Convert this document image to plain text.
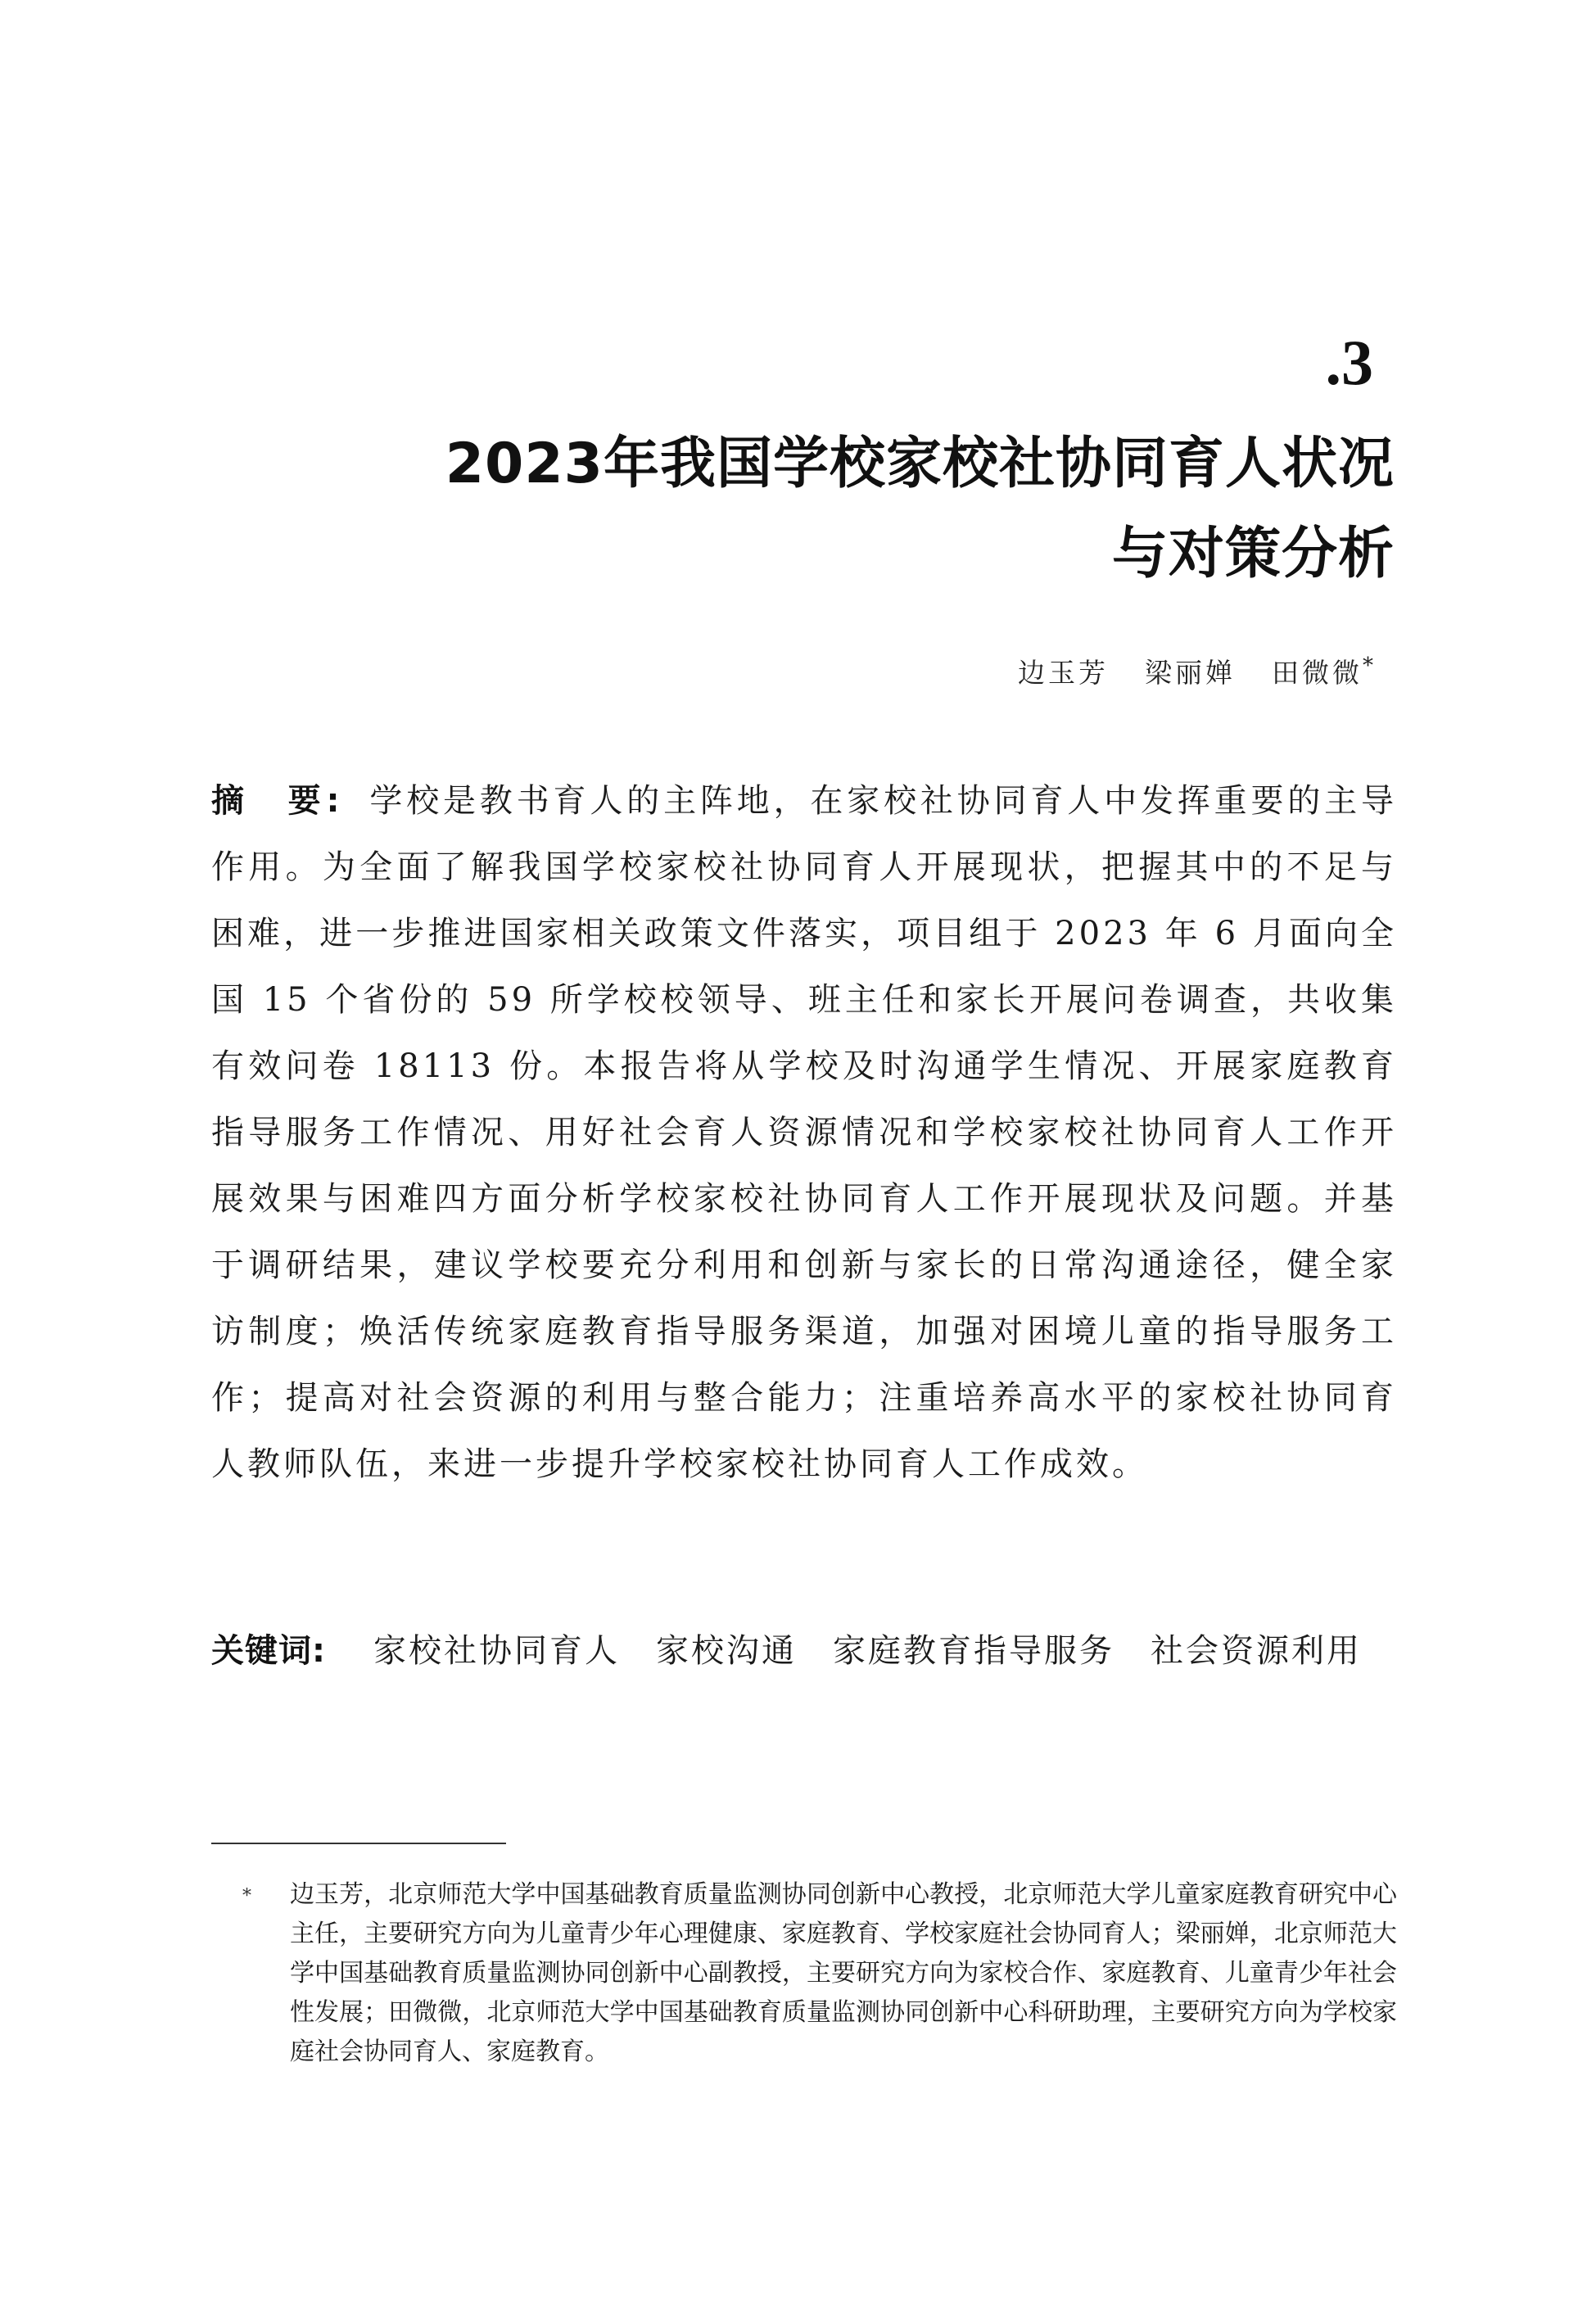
.3
2023年我国学校家校社协同育人状况
与对策分析
边玉芳 梁丽婵 田微微*
摘　要: 学校是教书育人的主阵地，在家校社协同育人中发挥重要的主导作用。为全面了解我国学校家校社协同育人开展现状，把握其中的不足与困难，进一步推进国家相关政策文件落实，项目组于 2023 年 6 月面向全国 15 个省份的 59 所学校校领导、班主任和家长开展问卷调查，共收集有效问卷 18113 份。本报告将从学校及时沟通学生情况、开展家庭教育指导服务工作情况、用好社会育人资源情况和学校家校社协同育人工作开展效果与困难四方面分析学校家校社协同育人工作开展现状及问题。并基于调研结果，建议学校要充分利用和创新与家长的日常沟通途径，健全家访制度；焕活传统家庭教育指导服务渠道，加强对困境儿童的指导服务工作；提高对社会资源的利用与整合能力；注重培养高水平的家校社协同育人教师队伍，来进一步提升学校家校社协同育人工作成效。
关键词: 家校社协同育人 家校沟通 家庭教育指导服务 社会资源利用
*	边玉芳，北京师范大学中国基础教育质量监测协同创新中心教授，北京师范大学儿童家庭教育研究中心主任，主要研究方向为儿童青少年心理健康、家庭教育、学校家庭社会协同育人；梁丽婵，北京师范大学中国基础教育质量监测协同创新中心副教授，主要研究方向为家校合作、家庭教育、儿童青少年社会性发展；田微微，北京师范大学中国基础教育质量监测协同创新中心科研助理，主要研究方向为学校家庭社会协同育人、家庭教育。
